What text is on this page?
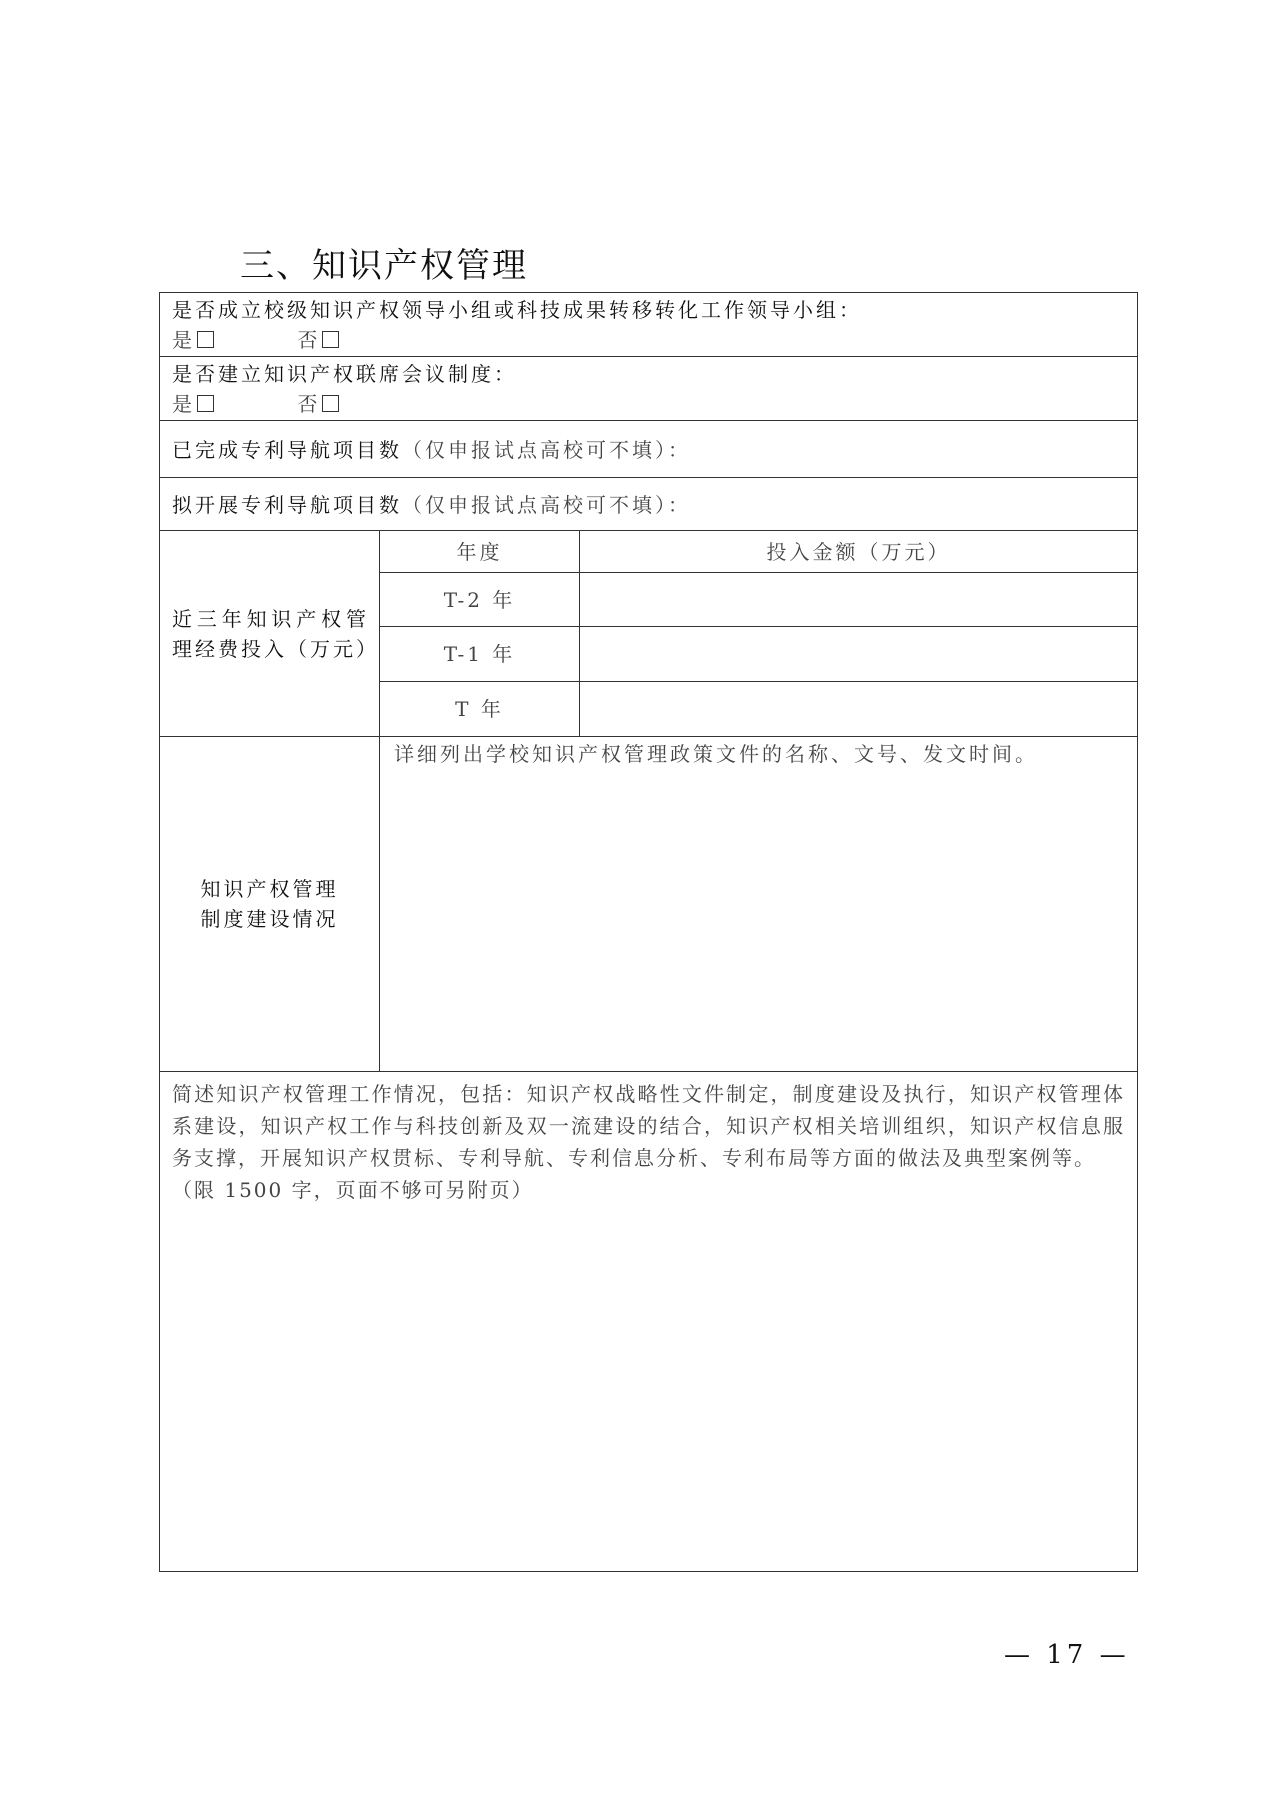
三、知识产权管理
是否成立校级知识产权领导小组或科技成果转移转化工作领导小组：
是 否		

是否建立知识产权联席会议制度：
是 否		

已完成专利导航项目数（仅申报试点高校可不填）：		
拟开展专利导航项目数（仅申报试点高校可不填）：		
近三年知识产权管理经费投入（万元）	年度	投入金额（万元）
	T-2 年	
	T-1 年	
	T 年	

知识产权管理
制度建设情况	详细列出学校知识产权管理政策文件的名称、文号、发文时间。	

简述知识产权管理工作情况，包括：知识产权战略性文件制定，制度建设及执行，知识产权管理体系建设，知识产权工作与科技创新及双一流建设的结合，知识产权相关培训组织，知识产权信息服务支撑，开展知识产权贯标、专利导航、专利信息分析、专利布局等方面的做法及典型案例等。
（限 1500 字，页面不够可另附页）		
— 17 —
